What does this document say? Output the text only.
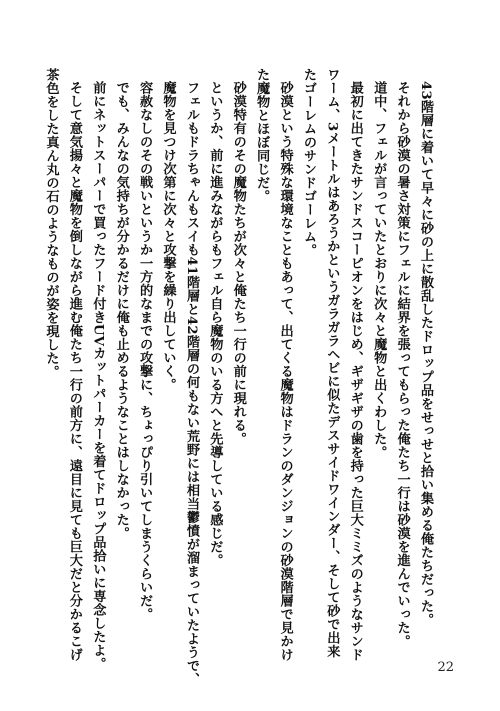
43階層に着いて早々に砂の上に散乱したドロップ品をせっせと拾い集める俺たちだった。
それから砂漠の暑さ対策にフェルに結界を張ってもらった俺たち一行は砂漠を進んでいった。
道中、フェルが言っていたとおりに次々と魔物と出くわした。
最初に出てきたサンドスコーピオンをはじめ、ギザギザの歯を持った巨大ミミズのようなサンド
ワーム、3メートルはあろうかというガラガラヘビに似たデスサイドワインダー、そして砂で出来
たゴーレムのサンドゴーレム。
砂漠という特殊な環境なこともあって、出てくる魔物はドランのダンジョンの砂漠階層で見かけ
た魔物とほぼ同じだ。
砂漠特有のその魔物たちが次々と俺たち一行の前に現れる。
というか、前に進みながらもフェル自ら魔物のいる方へと先導している感じだ。
フェルもドラちゃんもスイも41階層と42階層の何もない荒野には相当鬱憤が溜まっていたようで、
魔物を見つけ次第に次々と攻撃を繰り出していく。
容赦なしのその戦いというか一方的なまでの攻撃に、ちょっぴり引いてしまうくらいだ。
でも、みんなの気持ちが分かるだけに俺も止めるようなことはしなかった。
前にネットスーパーで買ったフード付きUVカットパーカーを着てドロップ品拾いに専念したよ。
そして意気揚々と魔物を倒しながら進む俺たち一行の前方に、遠目に見ても巨大だと分かるこげ
茶色をした真ん丸の石のようなものが姿を現した。
22
